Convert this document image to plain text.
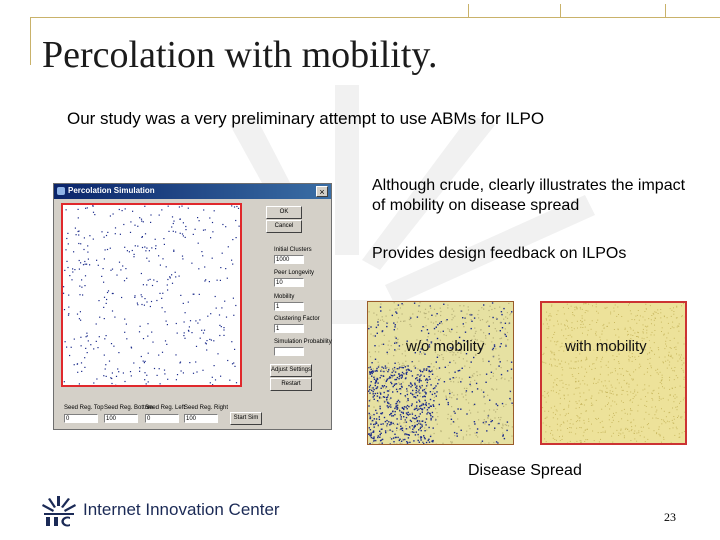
Percolation with mobility.
Our study was a very preliminary attempt to use ABMs for ILPO
Percolation Simulation	×
OK
Cancel
Initial Clusters
1000
Peer Longevity
10
Mobility
1
Clustering Factor
1
Simulation Probability
Adjust Settings
Restart
Seed Reg. Top
0
Seed Reg. Bottom
100
Seed Reg. Left
0
Seed Reg. Right
100	Start Sim
Although crude, clearly illustrates the impact of mobility on disease spread
Provides design feedback on ILPOs
w/o mobility	with mobility
Disease Spread
Internet Innovation Center	23
